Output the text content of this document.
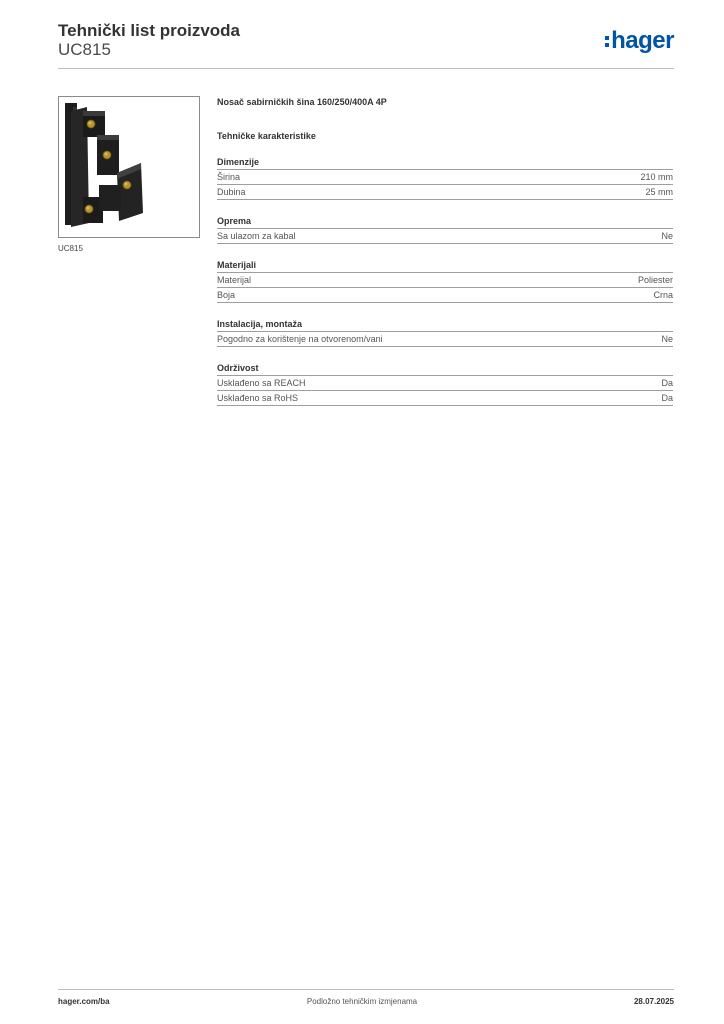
Tehnički list proizvoda
UC815	hager
UC815
Nosač sabirničkih šina 160/250/400A 4P
Tehničke karakteristike
Dimenzije
Širina	210 mm
Dubina	25 mm
Oprema
Sa ulazom za kabal	Ne
Materijali
Materijal	Poliester
Boja	Crna
Instalacija, montaža
Pogodno za korištenje na otvorenom/vani	Ne
Održivost
Usklađeno sa REACH	Da
Usklađeno sa RoHS	Da
hager.com/ba	Podložno tehničkim izmjenama	28.07.2025
